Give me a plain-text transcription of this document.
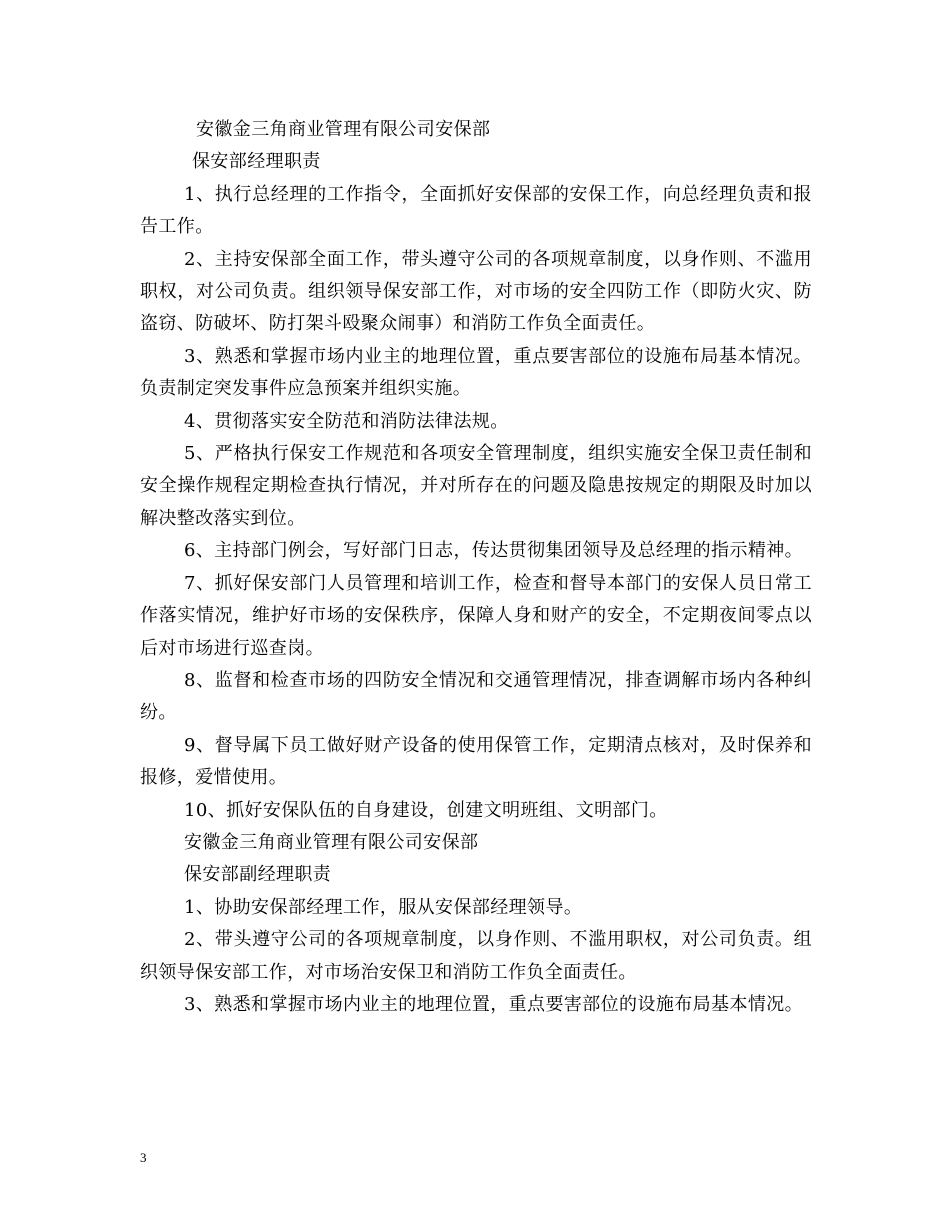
安徽金三角商业管理有限公司安保部

保安部经理职责

1、执行总经理的工作指令，全面抓好安保部的安保工作，向总经理负责和报告工作。

2、主持安保部全面工作，带头遵守公司的各项规章制度，以身作则、不滥用职权，对公司负责。组织领导保安部工作，对市场的安全四防工作（即防火灾、防盗窃、防破坏、防打架斗殴聚众闹事）和消防工作负全面责任。

3、熟悉和掌握市场内业主的地理位置，重点要害部位的设施布局基本情况。负责制定突发事件应急预案并组织实施。

4、贯彻落实安全防范和消防法律法规。

5、严格执行保安工作规范和各项安全管理制度，组织实施安全保卫责任制和安全操作规程定期检查执行情况，并对所存在的问题及隐患按规定的期限及时加以解决整改落实到位。

6、主持部门例会，写好部门日志，传达贯彻集团领导及总经理的指示精神。

7、抓好保安部门人员管理和培训工作，检查和督导本部门的安保人员日常工作落实情况，维护好市场的安保秩序，保障人身和财产的安全，不定期夜间零点以后对市场进行巡查岗。

8、监督和检查市场的四防安全情况和交通管理情况，排查调解市场内各种纠纷。

9、督导属下员工做好财产设备的使用保管工作，定期清点核对，及时保养和报修，爱惜使用。

10、抓好安保队伍的自身建设，创建文明班组、文明部门。

安徽金三角商业管理有限公司安保部

保安部副经理职责

1、协助安保部经理工作，服从安保部经理领导。

2、带头遵守公司的各项规章制度，以身作则、不滥用职权，对公司负责。组织领导保安部工作，对市场治安保卫和消防工作负全面责任。

3、熟悉和掌握市场内业主的地理位置，重点要害部位的设施布局基本情况。

3
